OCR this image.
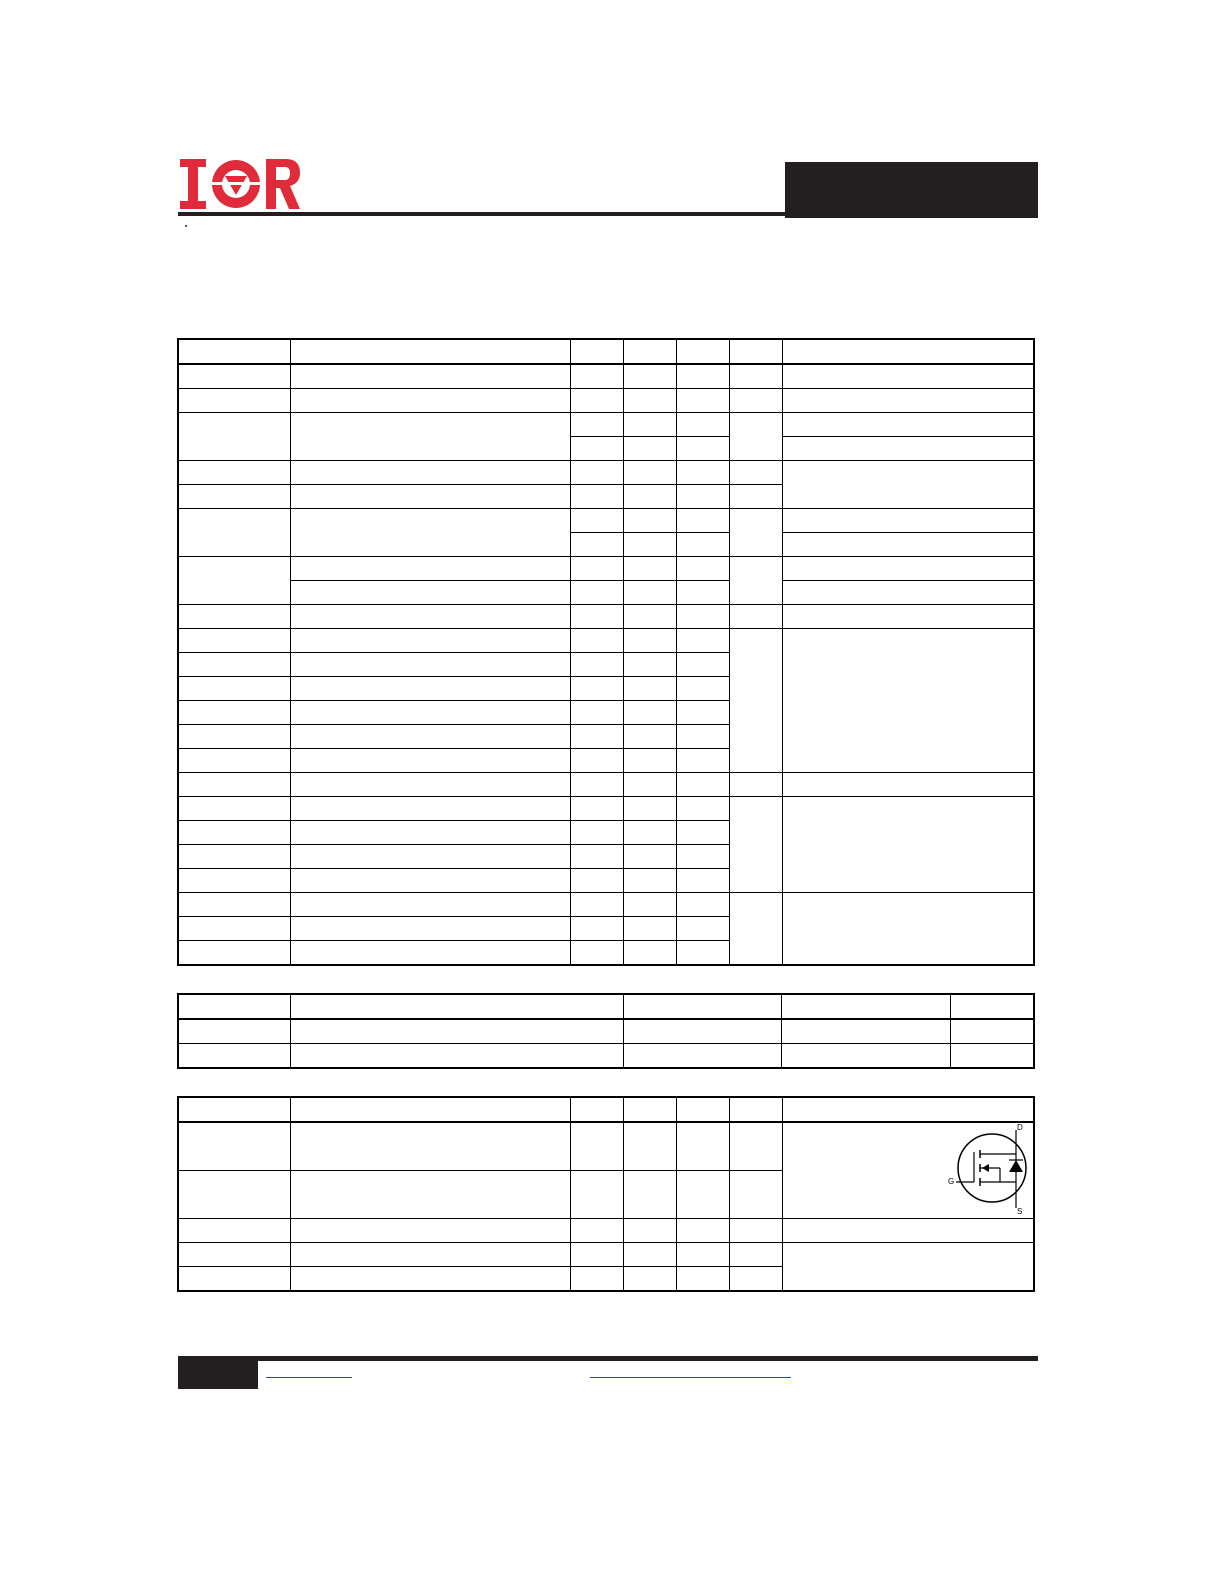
D
G
S
